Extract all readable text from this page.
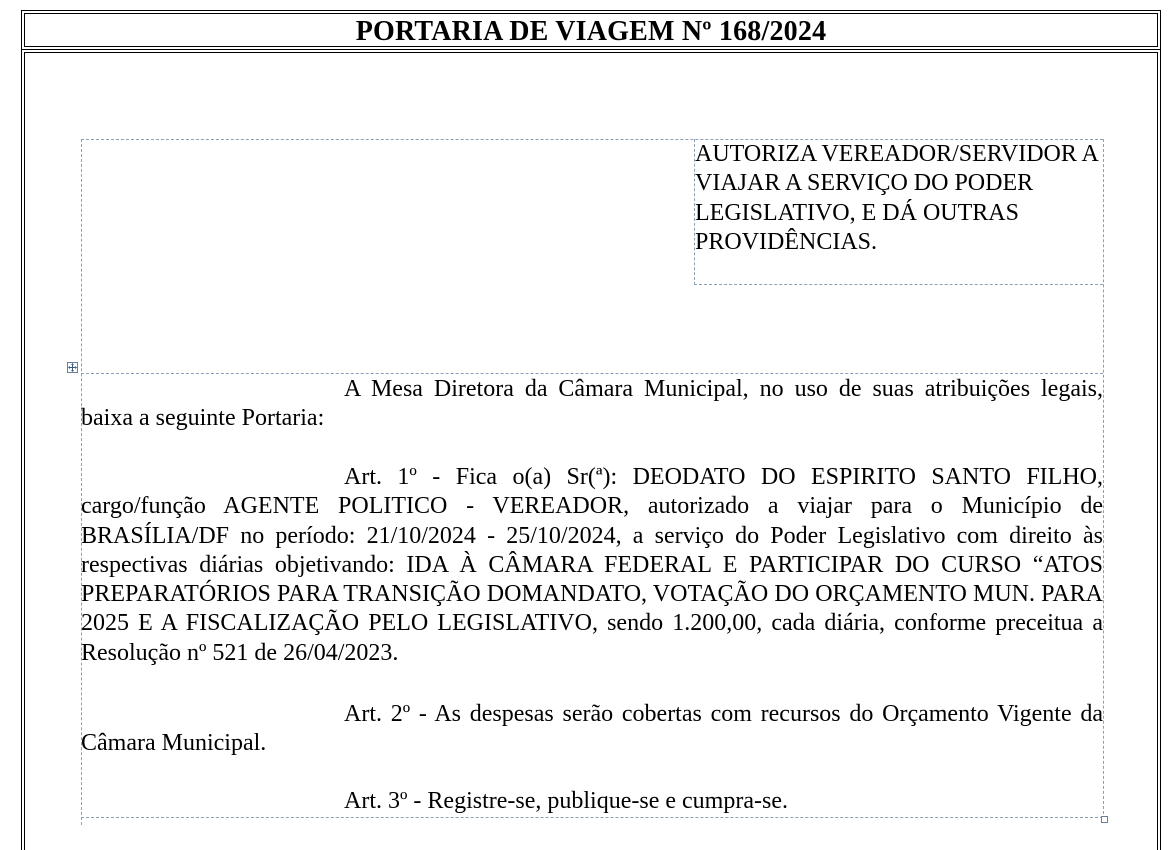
PORTARIA DE VIAGEM Nº 168/2024
AUTORIZA VEREADOR/SERVIDOR A VIAJAR A SERVIÇO DO PODER LEGISLATIVO, E DÁ OUTRAS PROVIDÊNCIAS.
A Mesa Diretora da Câmara Municipal, no uso de suas atribuições legais, baixa a seguinte Portaria:
Art. 1º - Fica o(a) Sr(ª): DEODATO DO ESPIRITO SANTO FILHO, cargo/função AGENTE POLITICO - VEREADOR, autorizado a viajar para o Município de BRASÍLIA/DF no período: 21/10/2024 - 25/10/2024, a serviço do Poder Legislativo com direito às respectivas diárias objetivando: IDA À CÂMARA FEDERAL E PARTICIPAR DO CURSO “ATOS PREPARATÓRIOS PARA TRANSIÇÃO DOMANDATO, VOTAÇÃO DO ORÇAMENTO MUN. PARA 2025 E A FISCALIZAÇÃO PELO LEGISLATIVO, sendo 1.200,00, cada diária, conforme preceitua a Resolução nº 521 de 26/04/2023.
Art. 2º - As despesas serão cobertas com recursos do Orçamento Vigente da Câmara Municipal.
Art. 3º - Registre-se, publique-se e cumpra-se.
